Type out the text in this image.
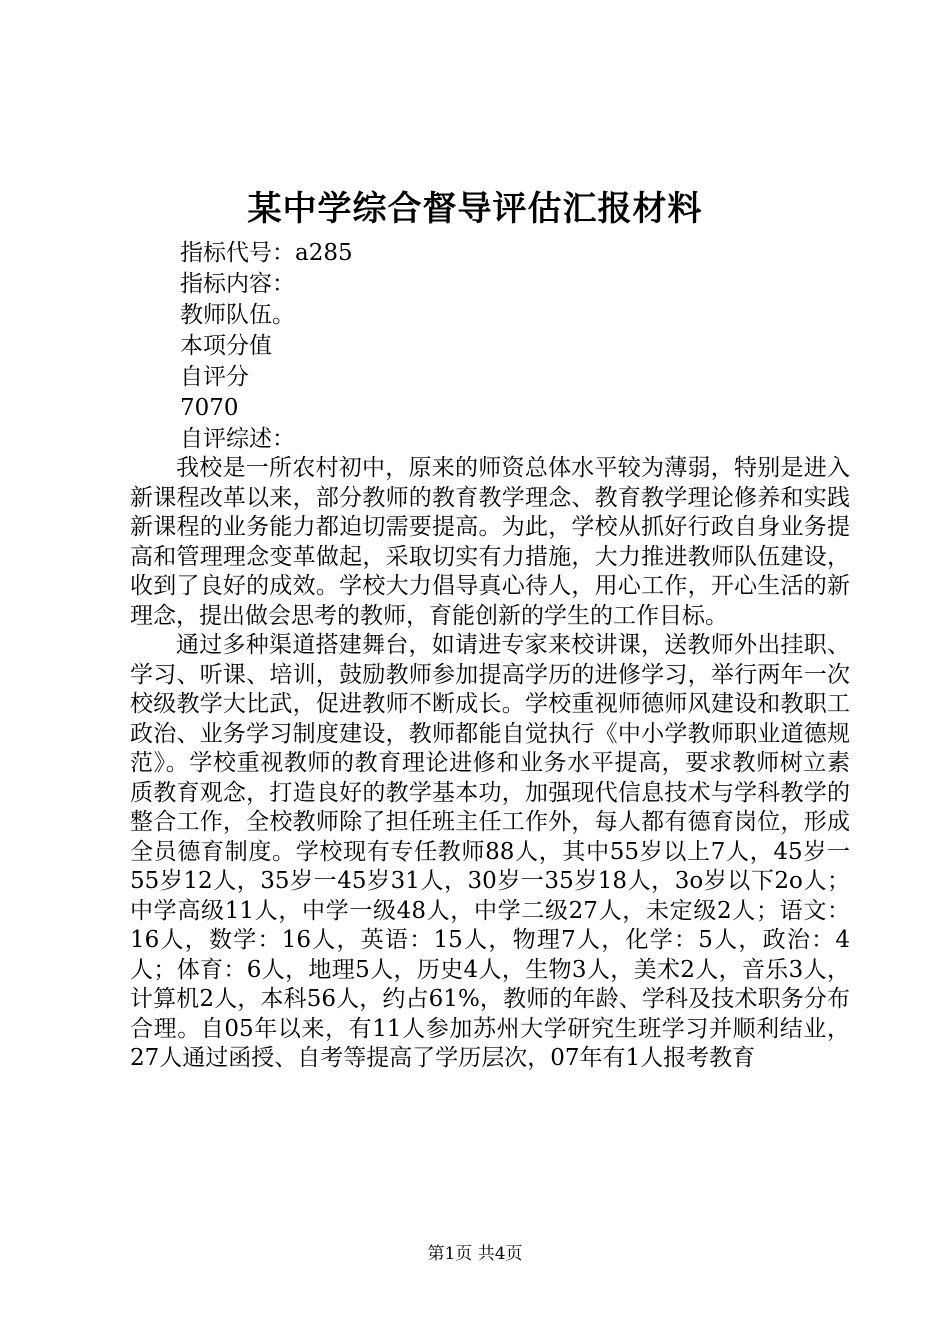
某中学综合督导评估汇报材料
指标代号：a285
指标内容：
教师队伍。
本项分值
自评分
7070
自评综述：

我校是一所农村初中，原来的师资总体水平较为薄弱，特别是进入新课程改革以来，部分教师的教育教学理念、教育教学理论修养和实践新课程的业务能力都迫切需要提高。为此，学校从抓好行政自身业务提高和管理理念变革做起，采取切实有力措施，大力推进教师队伍建设，收到了良好的成效。学校大力倡导真心待人，用心工作，开心生活的新理念，提出做会思考的教师，育能创新的学生的工作目标。

通过多种渠道搭建舞台，如请进专家来校讲课，送教师外出挂职、学习、听课、培训，鼓励教师参加提高学历的进修学习，举行两年一次校级教学大比武，促进教师不断成长。学校重视师德师风建设和教职工政治、业务学习制度建设，教师都能自觉执行《中小学教师职业道德规范》。学校重视教师的教育理论进修和业务水平提高，要求教师树立素质教育观念，打造良好的教学基本功，加强现代信息技术与学科教学的整合工作，全校教师除了担任班主任工作外，每人都有德育岗位，形成全员德育制度。学校现有专任教师88人，其中55岁以上7人，45岁一55岁12人，35岁一45岁31人，30岁一35岁18人，3o岁以下2o人；中学高级11人，中学一级48人，中学二级27人，未定级2人；语文：16人，数学：16人，英语：15人，物理7人，化学：5人，政治：4人；体育：6人，地理5人，历史4人，生物3人，美术2人，音乐3人，计算机2人，本科56人，约占61%，教师的年龄、学科及技术职务分布合理。自05年以来，有11人参加苏州大学研究生班学习并顺利结业，27人通过函授、自考等提高了学历层次，07年有1人报考教育

第1页 共4页
